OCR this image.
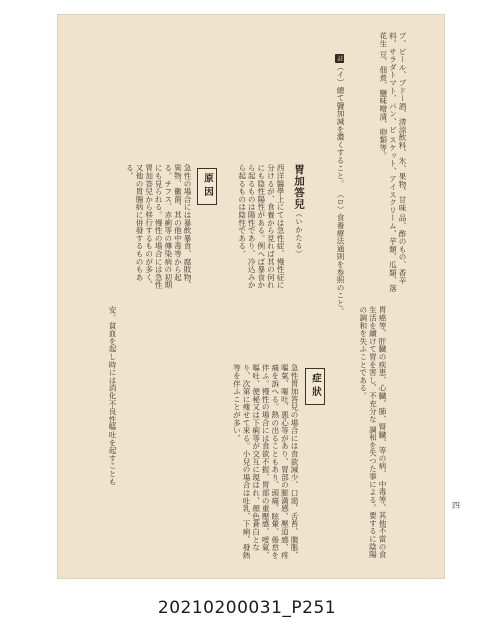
ブ、ビール、ブドー酒、清涼飲料、氷、果物、甘味 品、酢のもの、香辛料、サラダトマト、パン、ビ スケット、アイスクリーム、芋類、瓜類、落花生 豆、佃煮、鹽味噌漬、卵類等。
註（イ）總て鹽加減を濃くすること。 （ロ）食養療法通則を参照のこと。
胃加答兒（いかたる）
西洋醫學上にては急性症、慢性症に分けるが、食養から見れば其の何れにも陰性陽性がある。例へば暴食から起るものは陽性であり、冷込みから起るものは陰性である。
原因
急性の場合には暴飲暴食、腐敗物、異物、黴菌、其の他中毒等から起る。チフス、赤痢等の傳染病の初期にも見られる。慢性の場合には急性胃加答兒から移行するものが多く、又他の胃腸病に併發するものもある。
胃癌等、肝臓の疾患、心臓、肺、腎臓、等の病、 中毒等、其他不當の食生活を續けて胃を害し、不充分な 調和を失つた事による。要するに陰陽の調和を失ふことである。
症狀
急性胃加答兒の場合には食欲減少、口渇、舌苔、腹脹、嘔氣、嘔吐、悪心等があり、胃部の膨満感、壓迫感、疼痛を訴へる。熱の出ることもあり、頭痛、眩暈、倦怠を伴ふ。慢性の場合には食欲不振、胃部の重壓感、噯氣、嘔吐、便秘又は下痢等が交互に現はれ、顔色蒼白となり、次第に痩せて來る。小兒の場合は吐乳、下痢、發熱等を伴ふことが多い。
安。貧血を起し時には消化不良性嘔吐を起すことも
四
20210200031_P251
